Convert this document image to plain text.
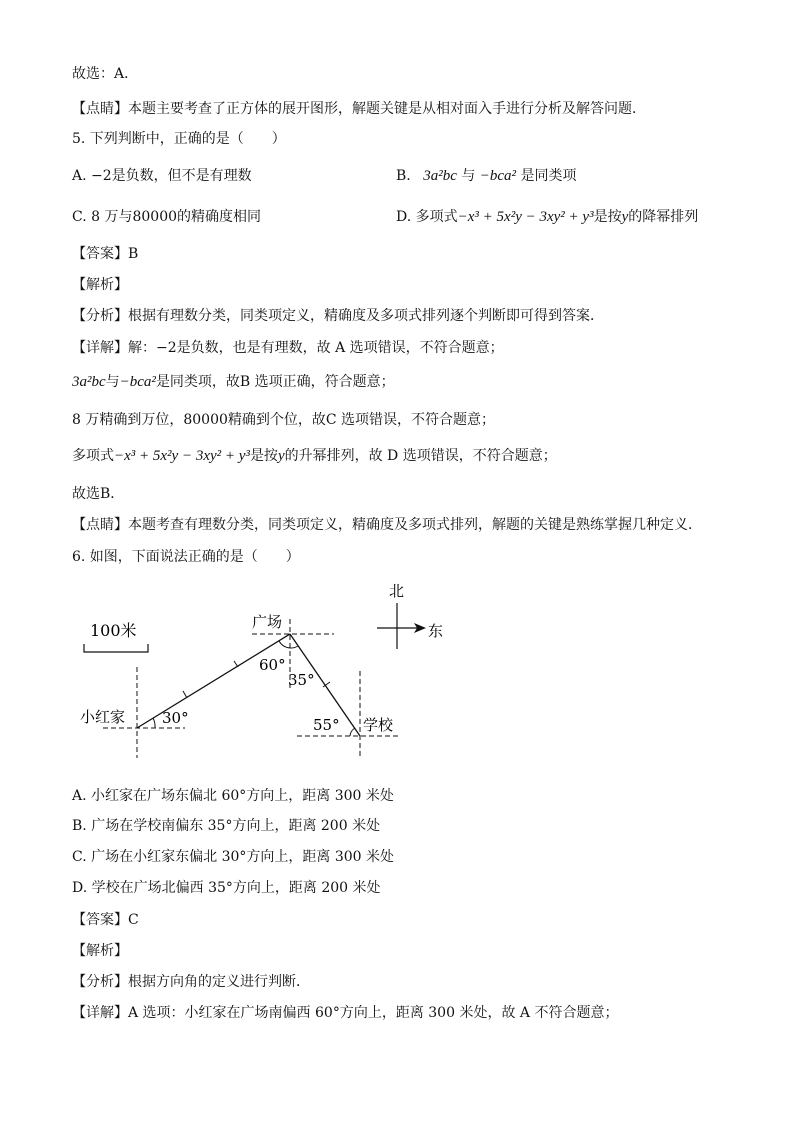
故选：A．
【点睛】本题主要考查了正方体的展开图形，解题关键是从相对面入手进行分析及解答问题．
5. 下列判断中，正确的是（　　）
A. −2是负数，但不是有理数	B. 3a²bc 与 −bca² 是同类项
C. 8 万与80000的精确度相同	D. 多项式−x³ + 5x²y − 3xy² + y³是按y的降幂排列
【答案】B
【解析】
【分析】根据有理数分类，同类项定义，精确度及多项式排列逐个判断即可得到答案．
【详解】解：−2是负数，也是有理数，故 A 选项错误，不符合题意；
3a²bc与−bca²是同类项，故B 选项正确，符合题意；
8 万精确到万位，80000精确到个位，故C 选项错误，不符合题意；
多项式−x³ + 5x²y − 3xy² + y³是按y的升幂排列，故 D 选项错误，不符合题意；
故选B．
【点睛】本题考查有理数分类，同类项定义，精确度及多项式排列，解题的关键是熟练掌握几种定义．
6. 如图，下面说法正确的是（　　）
100米
北
东
广场
小红家	学校
60°
35°
30°	55°
A. 小红家在广场东偏北 60°方向上，距离 300 米处
B. 广场在学校南偏东 35°方向上，距离 200 米处
C. 广场在小红家东偏北 30°方向上，距离 300 米处
D. 学校在广场北偏西 35°方向上，距离 200 米处
【答案】C
【解析】
【分析】根据方向角的定义进行判断．
【详解】A 选项：小红家在广场南偏西 60°方向上，距离 300 米处，故 A 不符合题意；
